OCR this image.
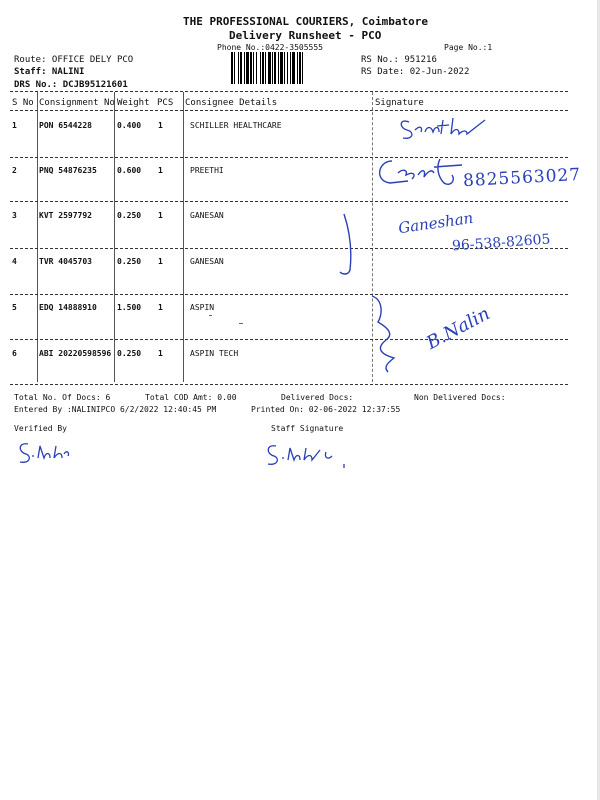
THE PROFESSIONAL COURIERS, Coimbatore
Delivery Runsheet - PCO
Phone No.:0422-3505555	Page No.:1
Route: OFFICE DELY PCO
Staff: NALINI
DRS No.: DCJB95121601
RS No.: 951216
RS Date: 02-Jun-2022
S No Consignment No Weight PCS Consignee Details	Signature
1	PON 6544228	0.400 1	SCHILLER HEALTHCARE
2	PNQ 54876235	0.600 1	PREETHI
3	KVT 2597792	0.250 1	GANESAN
4	TVR 4045703	0.250 1	GANESAN
5	EDQ 14888910	1.500 1	ASPIN
6	ABI 20220598596 0.250 1	ASPIN TECH
8825563027
Ganeshan
96-538-82605
B.Nalin
Total No. Of Docs: 6	Total COD Amt: 0.00	Delivered Docs:	Non Delivered Docs:
Entered By :NALINIPCO 6/2/2022 12:40:45 PM	Printed On: 02-06-2022 12:37:55
Verified By	Staff Signature
